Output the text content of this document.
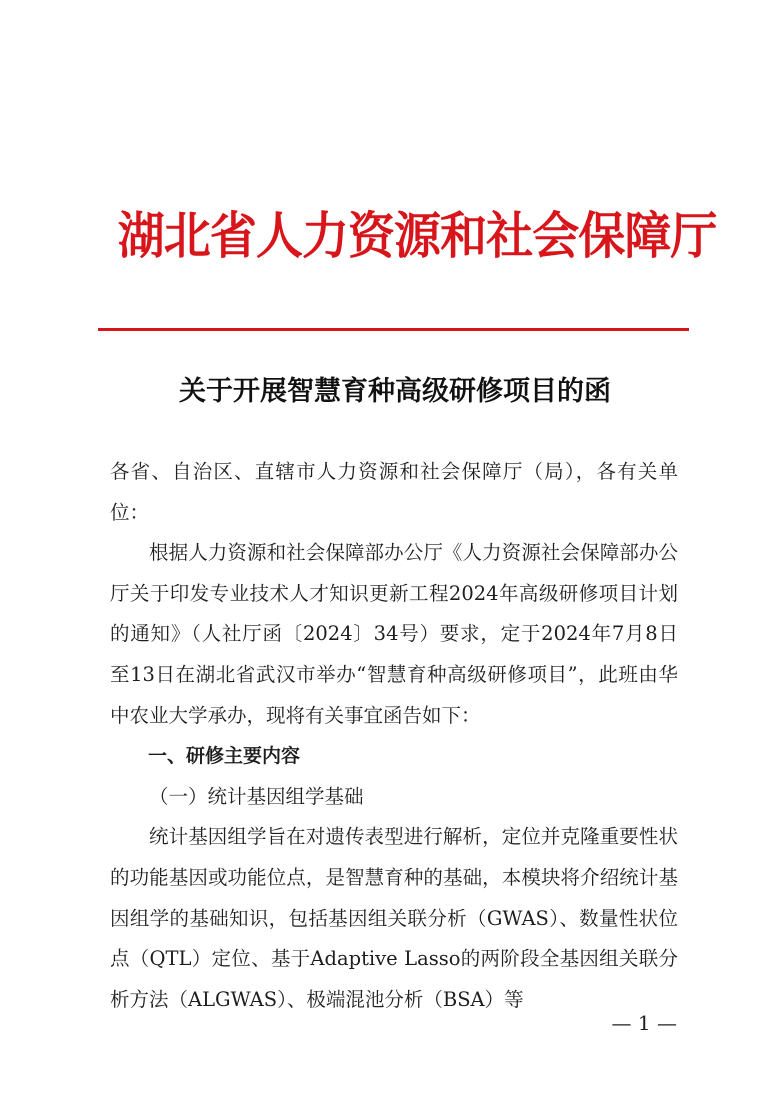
湖北省人力资源和社会保障厅
关于开展智慧育种高级研修项目的函

各省、自治区、直辖市人力资源和社会保障厅（局），各有关单位：

根据人力资源和社会保障部办公厅《人力资源社会保障部办公厅关于印发专业技术人才知识更新工程2024年高级研修项目计划的通知》（人社厅函〔2024〕34号）要求，定于2024年7月8日至13日在湖北省武汉市举办“智慧育种高级研修项目”，此班由华中农业大学承办，现将有关事宜函告如下：

一、研修主要内容

（一）统计基因组学基础

统计基因组学旨在对遗传表型进行解析，定位并克隆重要性状的功能基因或功能位点，是智慧育种的基础，本模块将介绍统计基因组学的基础知识，包括基因组关联分析（GWAS）、数量性状位点（QTL）定位、基于Adaptive Lasso的两阶段全基因组关联分析方法（ALGWAS）、极端混池分析（BSA）等

— 1 —
